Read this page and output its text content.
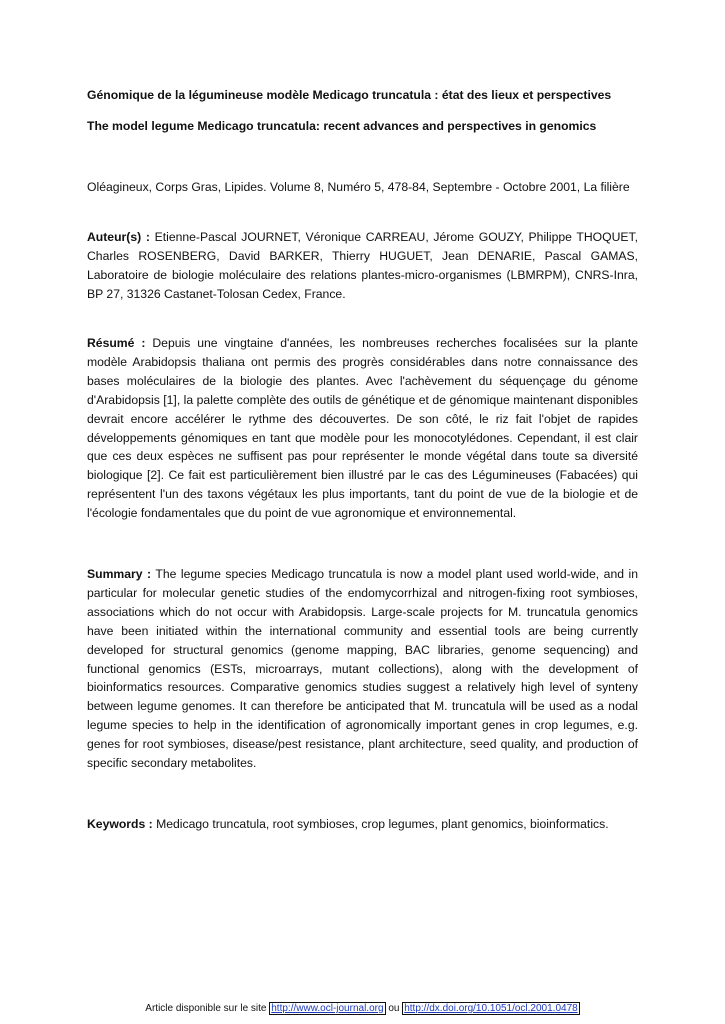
Génomique de la légumineuse modèle Medicago truncatula : état des lieux et perspectives
The model legume Medicago truncatula: recent advances and perspectives in genomics
Oléagineux, Corps Gras, Lipides. Volume 8, Numéro 5, 478-84, Septembre - Octobre 2001, La filière
Auteur(s) : Etienne-Pascal JOURNET, Véronique CARREAU, Jérome GOUZY, Philippe THOQUET, Charles ROSENBERG, David BARKER, Thierry HUGUET, Jean DENARIE, Pascal GAMAS, Laboratoire de biologie moléculaire des relations plantes-micro-organismes (LBMRPM), CNRS-Inra, BP 27, 31326 Castanet-Tolosan Cedex, France.
Résumé : Depuis une vingtaine d'années, les nombreuses recherches focalisées sur la plante modèle Arabidopsis thaliana ont permis des progrès considérables dans notre connaissance des bases moléculaires de la biologie des plantes. Avec l'achèvement du séquençage du génome d'Arabidopsis [1], la palette complète des outils de génétique et de génomique maintenant disponibles devrait encore accélérer le rythme des découvertes. De son côté, le riz fait l'objet de rapides développements génomiques en tant que modèle pour les monocotylédones. Cependant, il est clair que ces deux espèces ne suffisent pas pour représenter le monde végétal dans toute sa diversité biologique [2]. Ce fait est particulièrement bien illustré par le cas des Légumineuses (Fabacées) qui représentent l'un des taxons végétaux les plus importants, tant du point de vue de la biologie et de l'écologie fondamentales que du point de vue agronomique et environnemental.
Summary : The legume species Medicago truncatula is now a model plant used world-wide, and in particular for molecular genetic studies of the endomycorrhizal and nitrogen-fixing root symbioses, associations which do not occur with Arabidopsis. Large-scale projects for M. truncatula genomics have been initiated within the international community and essential tools are being currently developed for structural genomics (genome mapping, BAC libraries, genome sequencing) and functional genomics (ESTs, microarrays, mutant collections), along with the development of bioinformatics resources. Comparative genomics studies suggest a relatively high level of synteny between legume genomes. It can therefore be anticipated that M. truncatula will be used as a nodal legume species to help in the identification of agronomically important genes in crop legumes, e.g. genes for root symbioses, disease/pest resistance, plant architecture, seed quality, and production of specific secondary metabolites.
Keywords : Medicago truncatula, root symbioses, crop legumes, plant genomics, bioinformatics.
Article disponible sur le site http://www.ocl-journal.org ou http://dx.doi.org/10.1051/ocl.2001.0478
